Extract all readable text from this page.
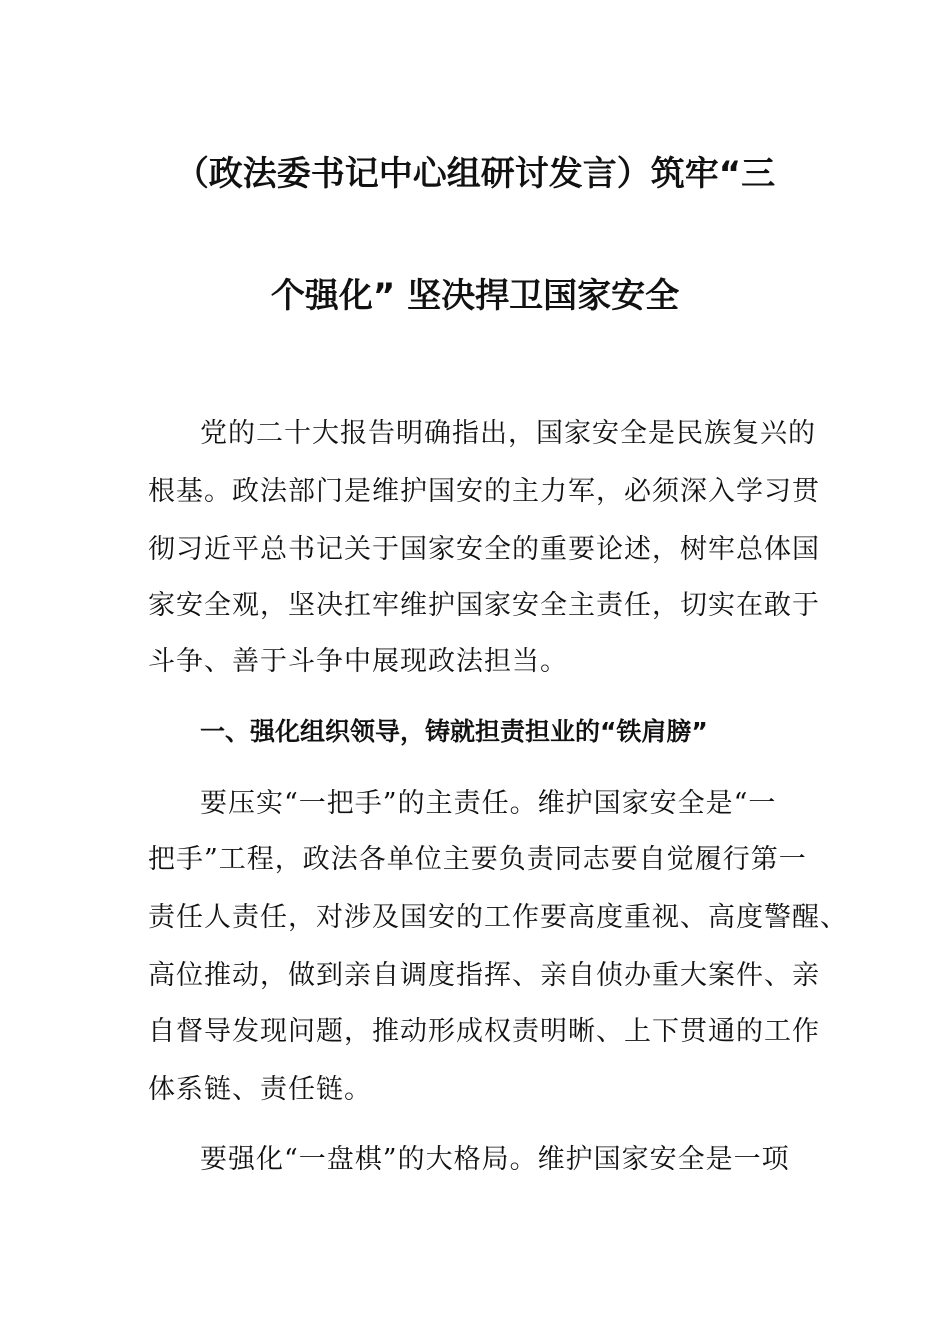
（政法委书记中心组研讨发言）筑牢“三
个强化” 坚决捍卫国家安全
党的二十大报告明确指出，国家安全是民族复兴的
根基。政法部门是维护国安的主力军，必须深入学习贯
彻习近平总书记关于国家安全的重要论述，树牢总体国
家安全观，坚决扛牢维护国家安全主责任，切实在敢于
斗争、善于斗争中展现政法担当。
一、强化组织领导，铸就担责担业的“铁肩膀”
要压实“一把手”的主责任。维护国家安全是“一
把手”工程，政法各单位主要负责同志要自觉履行第一
责任人责任，对涉及国安的工作要高度重视、高度警醒、
高位推动，做到亲自调度指挥、亲自侦办重大案件、亲
自督导发现问题，推动形成权责明晰、上下贯通的工作
体系链、责任链。
要强化“一盘棋”的大格局。维护国家安全是一项
